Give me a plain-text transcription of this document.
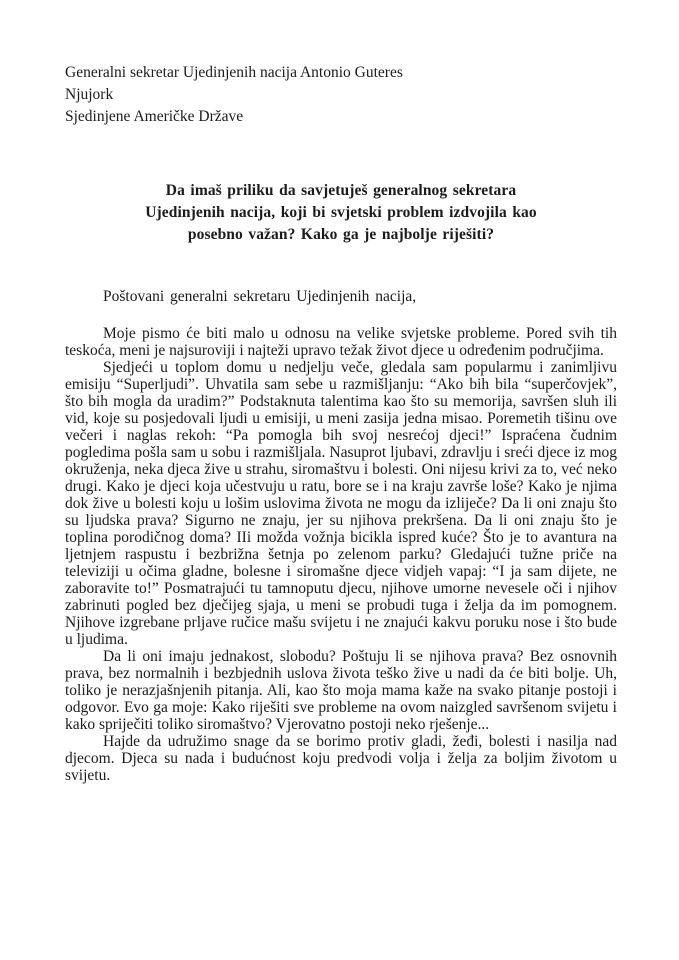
Generalni sekretar Ujedinjenih nacija Antonio Guteres
Njujork
Sjedinjene Američke Države
Da imaš priliku da savjetuješ generalnog sekretara
Ujedinjenih nacija, koji bi svjetski problem izdvojila kao
posebno važan? Kako ga je najbolje riješiti?

Poštovani generalni sekretaru Ujedinjenih nacija,

Moje pismo će biti malo u odnosu na velike svjetske probleme. Pored svih tih teskoća, meni je najsuroviji i najteži upravo težak život djece u određenim područjima.

Sjedjeći u toplom domu u nedjelju veče, gledala sam popularmu i zanimljivu emisiju “Superljudi”. Uhvatila sam sebe u razmišljanju: “Ako bih bila “superčovjek”, što bih mogla da uradim?” Podstaknuta talentima kao što su memorija, savršen sluh ili vid, koje su posjedovali ljudi u emisiji, u meni zasija jedna misao. Poremetih tišinu ove večeri i naglas rekoh: “Pa pomogla bih svoj nesrećoj djeci!” Ispraćena čudnim pogledima pošla sam u sobu i razmišljala. Nasuprot ljubavi, zdravlju i sreći djece iz mog okruženja, neka djeca žive u strahu, siromaštvu i bolesti. Oni nijesu krivi za to, već neko drugi. Kako je djeci koja učestvuju u ratu, bore se i na kraju završe loše? Kako je njima dok žive u bolesti koju u lošim uslovima života ne mogu da izliječe? Da li oni znaju što su ljudska prava? Sigurno ne znaju, jer su njihova prekršena. Da li oni znaju što je toplina porodičnog doma? IIi možda vožnja bicikla ispred kuće? Što je to avantura na ljetnjem raspustu i bezbrižna šetnja po zelenom parku? Gledajući tužne priče na televiziji u očima gladne, bolesne i siromašne djece vidjeh vapaj: “I ja sam dijete, ne zaboravite to!” Posmatrajući tu tamnoputu djecu, njihove umorne nevesele oči i njihov zabrinuti pogled bez dječijeg sjaja, u meni se probudi tuga i želja da im pomognem. Njihove izgrebane prljave ručice mašu svijetu i ne znajući kakvu poruku nose i što bude u ljudima.

Da li oni imaju jednakost, slobodu? Poštuju li se njihova prava? Bez osnovnih prava, bez normalnih i bezbjednih uslova života teško žive u nadi da će biti bolje. Uh, toliko je nerazjašnjenih pitanja. Ali, kao što moja mama kaže na svako pitanje postoji i odgovor. Evo ga moje: Kako riješiti sve probleme na ovom naizgled savršenom svijetu i kako spriječiti toliko siromaštvo? Vjerovatno postoji neko rješenje...

Hajde da udružimo snage da se borimo protiv gladi, žeđi, bolesti i nasilja nad djecom. Djeca su nada i budućnost koju predvodi volja i želja za boljim životom u svijetu.
